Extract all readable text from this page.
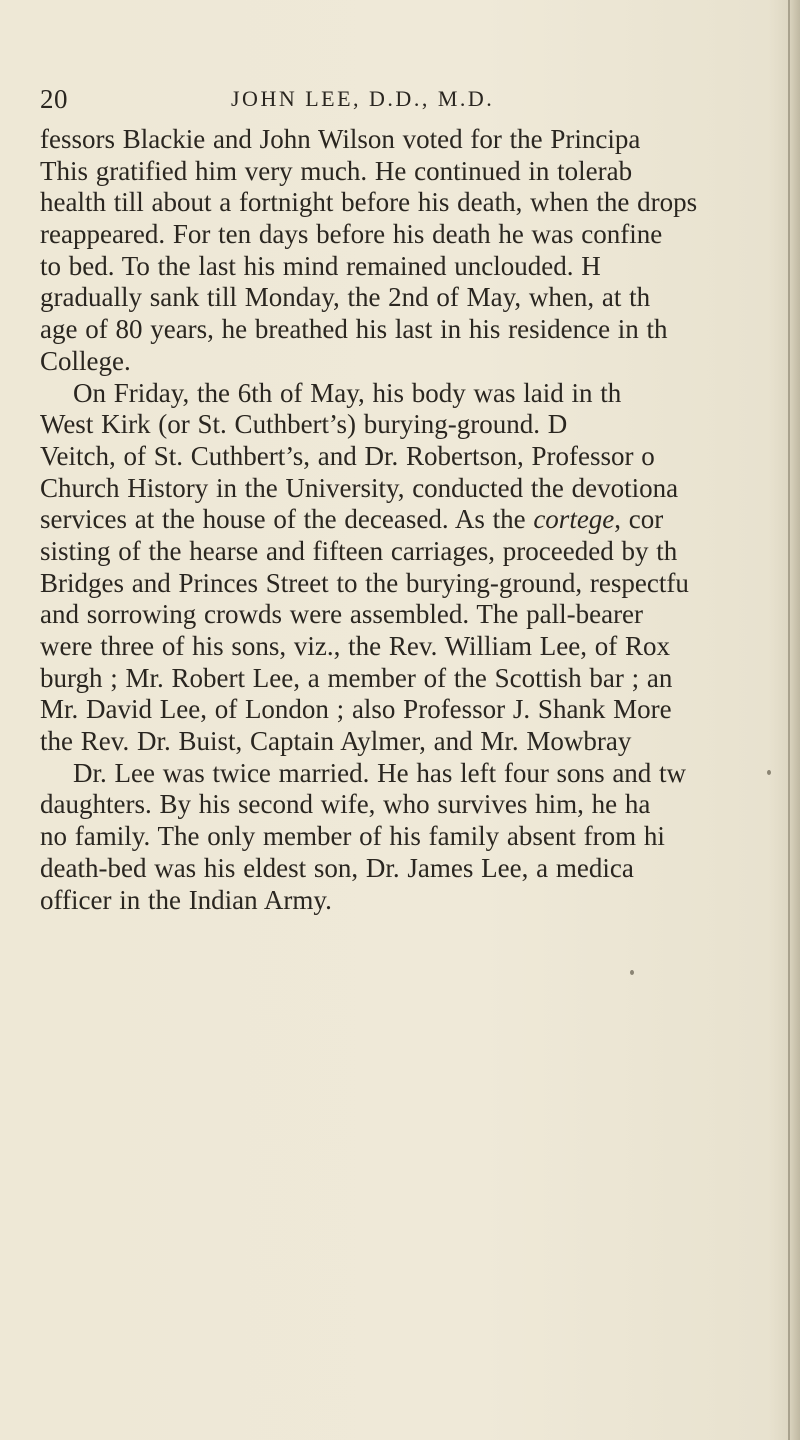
20	JOHN LEE, D.D., M.D.
fessors Blackie and John Wilson voted for the Principa
This gratified him very much. He continued in tolerab
health till about a fortnight before his death, when the drops
reappeared. For ten days before his death he was confine
to bed. To the last his mind remained unclouded. H
gradually sank till Monday, the 2nd of May, when, at th
age of 80 years, he breathed his last in his residence in th
College.
On Friday, the 6th of May, his body was laid in th
West Kirk (or St. Cuthbert’s) burying-ground. D
Veitch, of St. Cuthbert’s, and Dr. Robertson, Professor o
Church History in the University, conducted the devotiona
services at the house of the deceased. As the cortege, cor
sisting of the hearse and fifteen carriages, proceeded by th
Bridges and Princes Street to the burying-ground, respectfu
and sorrowing crowds were assembled. The pall-bearer
were three of his sons, viz., the Rev. William Lee, of Rox
burgh ; Mr. Robert Lee, a member of the Scottish bar ; an
Mr. David Lee, of London ; also Professor J. Shank More
the Rev. Dr. Buist, Captain Aylmer, and Mr. Mowbray
Dr. Lee was twice married. He has left four sons and tw
daughters. By his second wife, who survives him, he ha
no family. The only member of his family absent from hi
death-bed was his eldest son, Dr. James Lee, a medica
officer in the Indian Army.
